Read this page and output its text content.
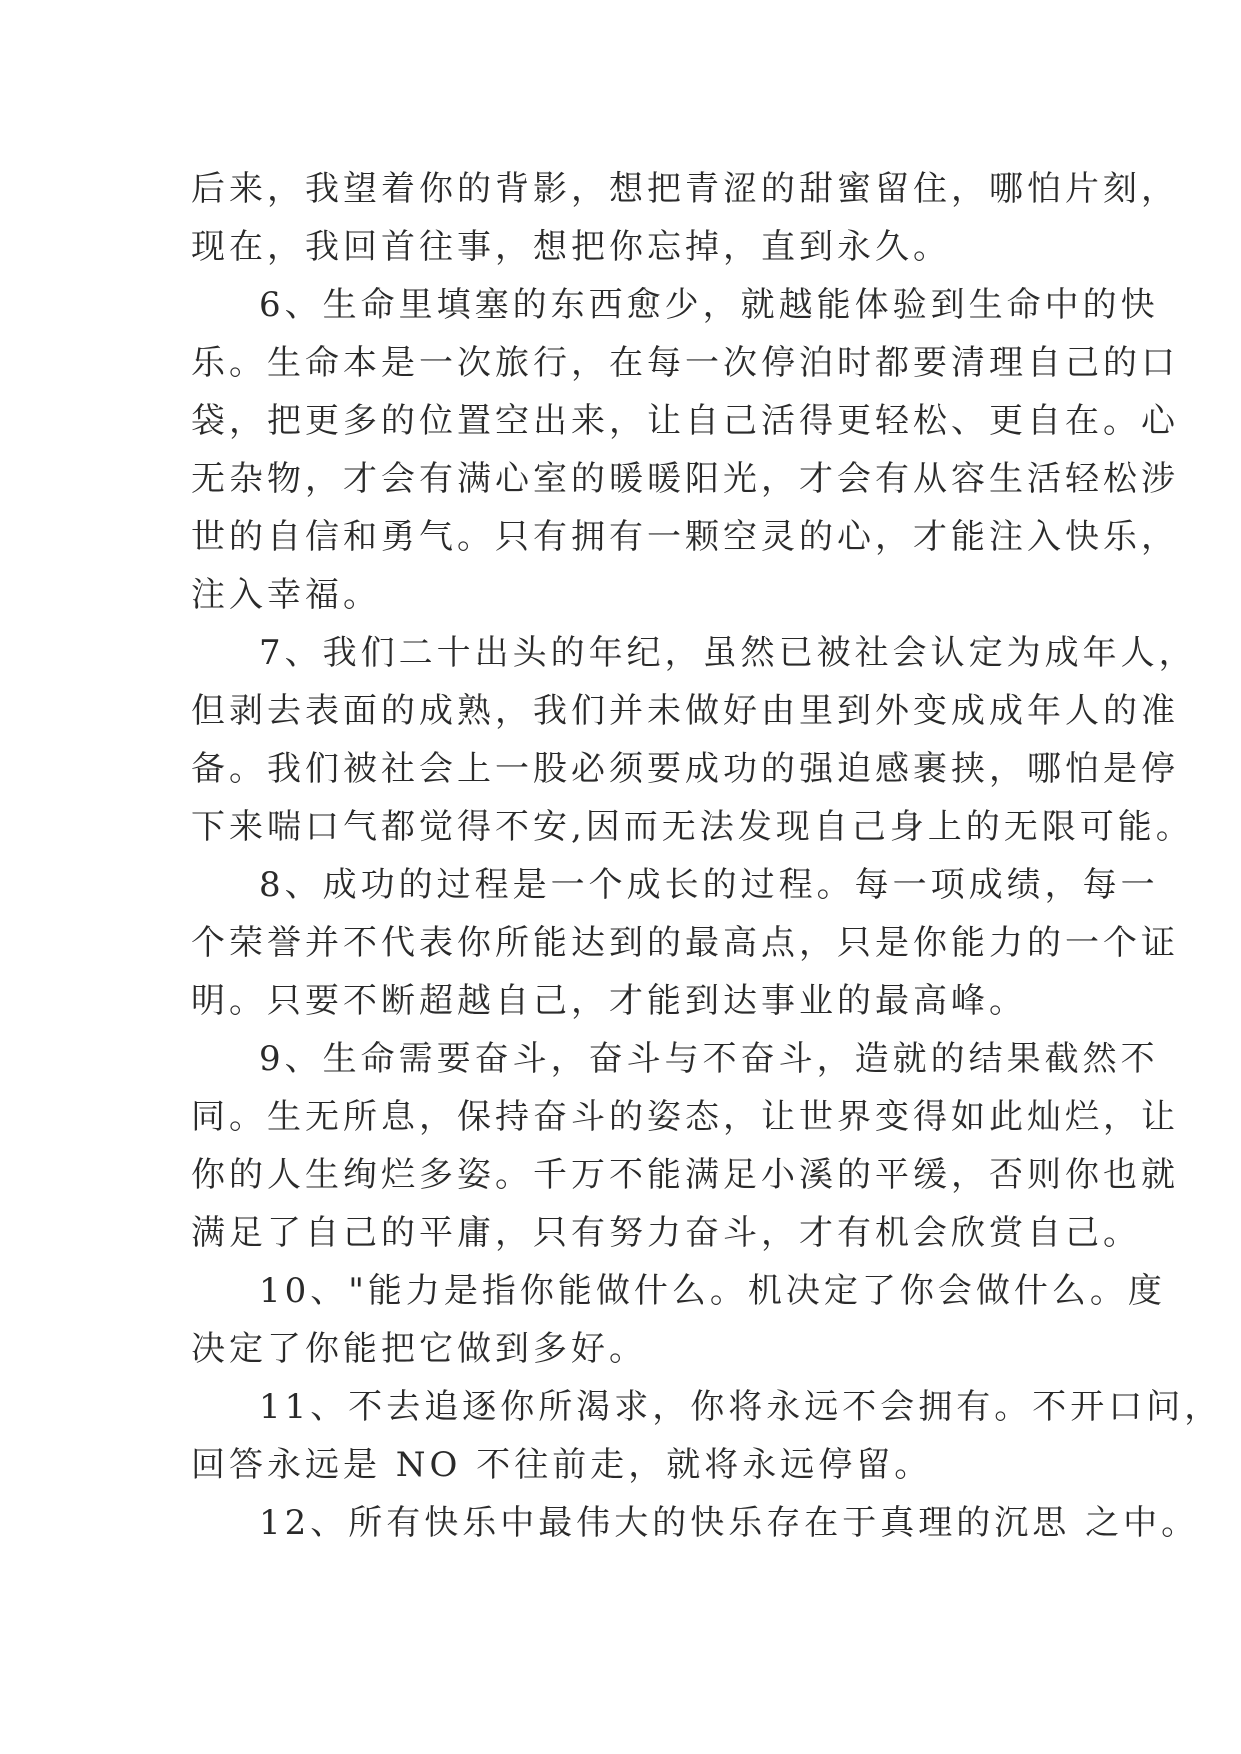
后来，我望着你的背影，想把青涩的甜蜜留住，哪怕片刻，
现在，我回首往事，想把你忘掉，直到永久。
6、生命里填塞的东西愈少，就越能体验到生命中的快
乐。生命本是一次旅行，在每一次停泊时都要清理自己的口
袋，把更多的位置空出来，让自己活得更轻松、更自在。心
无杂物，才会有满心室的暖暖阳光，才会有从容生活轻松涉
世的自信和勇气。只有拥有一颗空灵的心，才能注入快乐，
注入幸福。
7、我们二十出头的年纪，虽然已被社会认定为成年人，
但剥去表面的成熟，我们并未做好由里到外变成成年人的准
备。我们被社会上一股必须要成功的强迫感裹挟，哪怕是停
下来喘口气都觉得不安,因而无法发现自己身上的无限可能。
8、成功的过程是一个成长的过程。每一项成绩，每一
个荣誉并不代表你所能达到的最高点，只是你能力的一个证
明。只要不断超越自己，才能到达事业的最高峰。
9、生命需要奋斗，奋斗与不奋斗，造就的结果截然不
同。生无所息，保持奋斗的姿态，让世界变得如此灿烂，让
你的人生绚烂多姿。千万不能满足小溪的平缓，否则你也就
满足了自己的平庸，只有努力奋斗，才有机会欣赏自己。
10、"能力是指你能做什么。机决定了你会做什么。度
决定了你能把它做到多好。
11、不去追逐你所渴求，你将永远不会拥有。不开口问，
回答永远是 NO 不往前走，就将永远停留。
12、所有快乐中最伟大的快乐存在于真理的沉思 之中。
